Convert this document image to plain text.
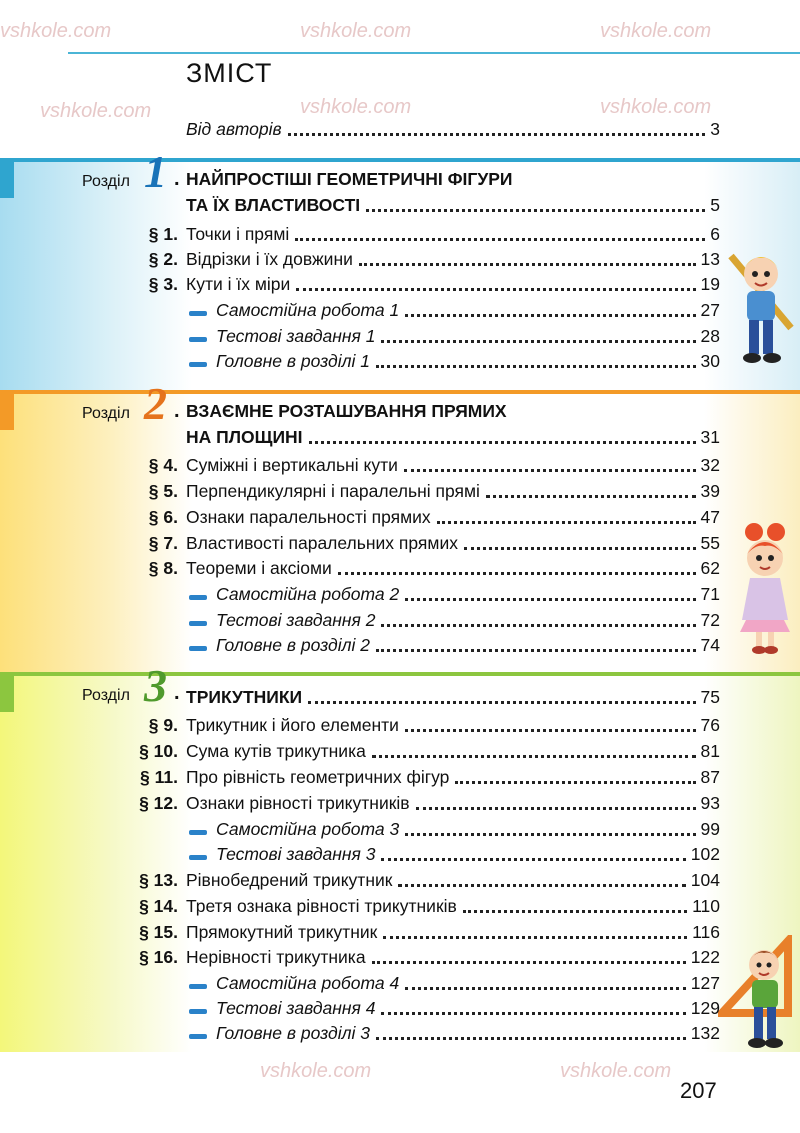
vshkole.com	vshkole.com	vshkole.com
vshkole.com	vshkole.com	vshkole.com
vshkole.com	vshkole.com
ЗМІСТ
Від авторів	3
Розділ 1 . НАЙПРОСТІШІ ГЕОМЕТРИЧНІ ФІГУРИ
ТА ЇХ ВЛАСТИВОСТІ	5
§ 1. Точки і прямі	6
§ 2. Відрізки і їх довжини	13
§ 3. Кути і їх міри	19
Самостійна робота 1	27
Тестові завдання 1	28
Головне в розділі 1	30
Розділ 2 . ВЗАЄМНЕ РОЗТАШУВАННЯ ПРЯМИХ
НА ПЛОЩИНІ	31
§ 4. Суміжні і вертикальні кути	32
§ 5. Перпендикулярні і паралельні прямі	39
§ 6. Ознаки паралельності прямих	47
§ 7. Властивості паралельних прямих	55
§ 8. Теореми і аксіоми	62
Самостійна робота 2	71
Тестові завдання 2	72
Головне в розділі 2	74
Розділ 3 . ТРИКУТНИКИ	75
§ 9. Трикутник і його елементи	76
§ 10. Сума кутів трикутника	81
§ 11. Про рівність геометричних фігур	87
§ 12. Ознаки рівності трикутників	93
Самостійна робота 3	99
Тестові завдання 3	102
§ 13. Рівнобедрений трикутник	104
§ 14. Третя ознака рівності трикутників	110
§ 15. Прямокутний трикутник	116
§ 16. Нерівності трикутника	122
Самостійна робота 4	127
Тестові завдання 4	129
Головне в розділі 3	132
207
